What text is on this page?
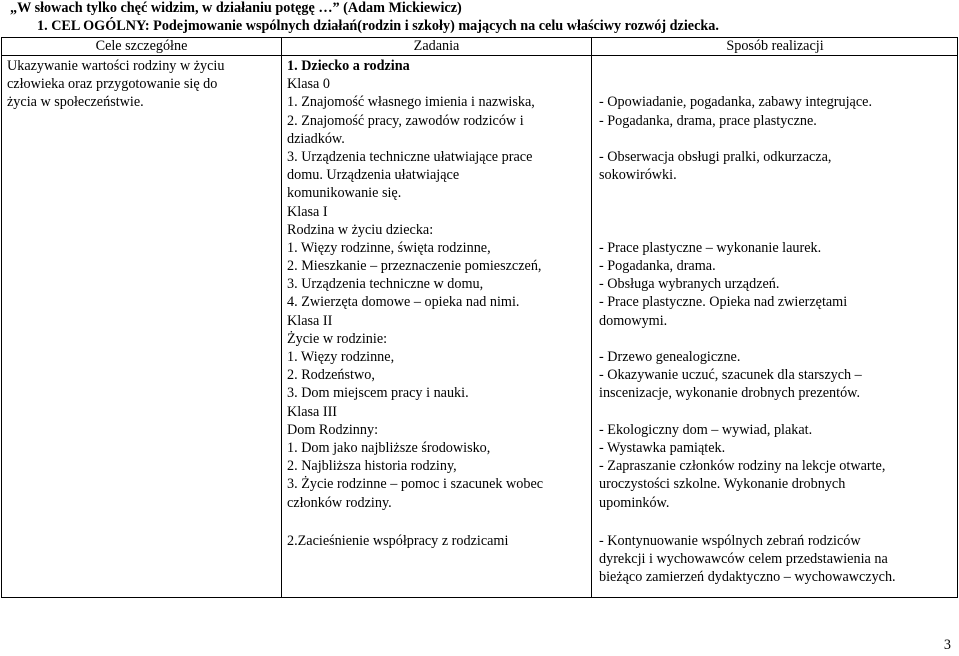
„W słowach tylko chęć widzim, w działaniu potęgę …” (Adam Mickiewicz)
1. CEL OGÓLNY: Podejmowanie wspólnych działań(rodzin i szkoły) mających na celu właściwy rozwój dziecka.
Cele szczegółne	Zadania	Sposób realizacji
Ukazywanie wartości rodziny w życiu
człowieka oraz przygotowanie się do
życia w społeczeństwie.
1. Dziecko a rodzina
Klasa 0
1. Znajomość własnego imienia i nazwiska,
2. Znajomość pracy, zawodów rodziców i
dziadków.
3. Urządzenia techniczne ułatwiające prace
domu. Urządzenia ułatwiające
komunikowanie się.
Klasa I
Rodzina w życiu dziecka:
1. Więzy rodzinne, święta rodzinne,
2. Mieszkanie – przeznaczenie pomieszczeń,
3. Urządzenia techniczne w domu,
4. Zwierzęta domowe – opieka nad nimi.
Klasa II
Życie w rodzinie:
1. Więzy rodzinne,
2. Rodzeństwo,
3. Dom miejscem pracy i nauki.
Klasa III
Dom Rodzinny:
1. Dom jako najbliższe środowisko,
2. Najbliższa historia rodziny,
3. Życie rodzinne – pomoc i szacunek wobec
członków rodziny.
2.Zacieśnienie współpracy z rodzicami
- Opowiadanie, pogadanka, zabawy integrujące.
- Pogadanka, drama, prace plastyczne.
- Obserwacja obsługi pralki, odkurzacza,
sokowirówki.
- Prace plastyczne – wykonanie laurek.
- Pogadanka, drama.
- Obsługa wybranych urządzeń.
- Prace plastyczne. Opieka nad zwierzętami
domowymi.
- Drzewo genealogiczne.
- Okazywanie uczuć, szacunek dla starszych –
inscenizacje, wykonanie drobnych prezentów.
- Ekologiczny dom – wywiad, plakat.
- Wystawka pamiątek.
- Zapraszanie członków rodziny na lekcje otwarte,
uroczystości szkolne. Wykonanie drobnych
upominków.
- Kontynuowanie wspólnych zebrań rodziców
dyrekcji i wychowawców celem przedstawienia na
bieżąco zamierzeń dydaktyczno – wychowawczych.
3
